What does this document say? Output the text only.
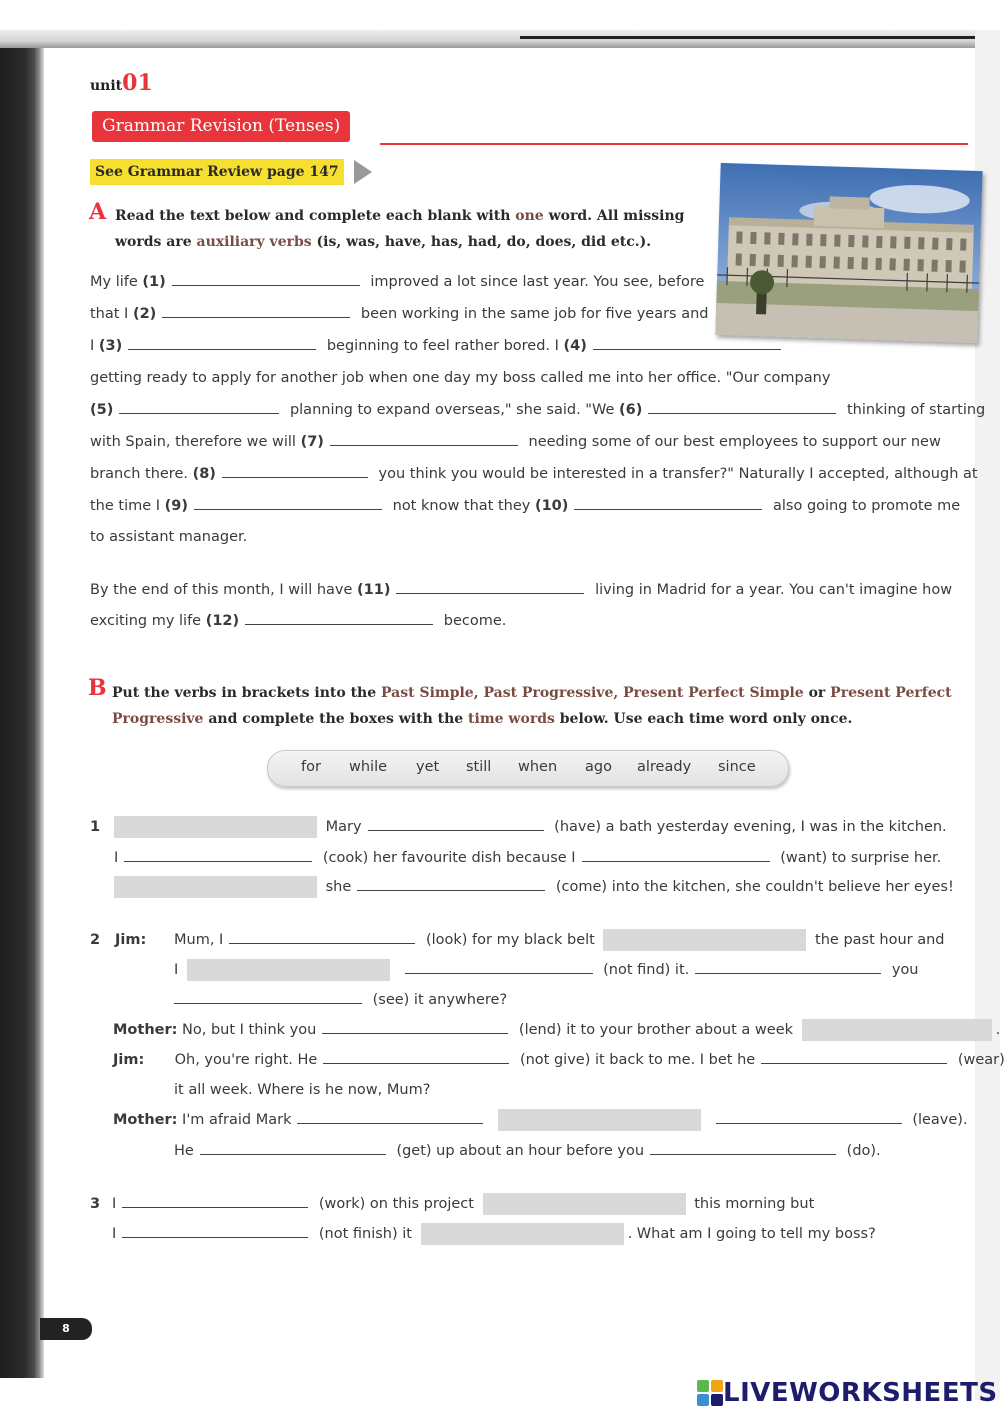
unit01
Grammar Revision (Tenses)
See Grammar Review page 147
A Read the text below and complete each blank with one word. All missing
words are auxiliary verbs (is, was, have, has, had, do, does, did etc.).
My life (1)	improved a lot since last year. You see, before
that I (2)	been working in the same job for five years and
I (3)	beginning to feel rather bored. I (4)
getting ready to apply for another job when one day my boss called me into her office. "Our company
(5)	planning to expand overseas," she said. "We (6)	thinking of starting
with Spain, therefore we will (7)	needing some of our best employees to support our new
branch there. (8)	you think you would be interested in a transfer?" Naturally I accepted, although at
the time I (9)	not know that they (10)	also going to promote me
to assistant manager.
By the end of this month, I will have (11)	living in Madrid for a year. You can't imagine how
exciting my life (12)	become.
B Put the verbs in brackets into the Past Simple, Past Progressive, Present Perfect Simple or Present Perfect
Progressive and complete the boxes with the time words below. Use each time word only once.
for while yet still when ago already since
1	Mary	(have) a bath yesterday evening, I was in the kitchen.
I	(cook) her favourite dish because I	(want) to surprise her.
she	(come) into the kitchen, she couldn't believe her eyes!
2 Jim: Mum, I	(look) for my black belt	the past hour and
I	(not find) it.	you
(see) it anywhere?
Mother: No, but I think you	(lend) it to your brother about a week	.
Jim: Oh, you're right. He	(not give) it back to me. I bet he	(wear)
it all week. Where is he now, Mum?
Mother: I'm afraid Mark	(leave).
He	(get) up about an hour before you	(do).
3 I	(work) on this project	this morning but
I	(not finish) it	. What am I going to tell my boss?
8
LIVEWORKSHEETS
